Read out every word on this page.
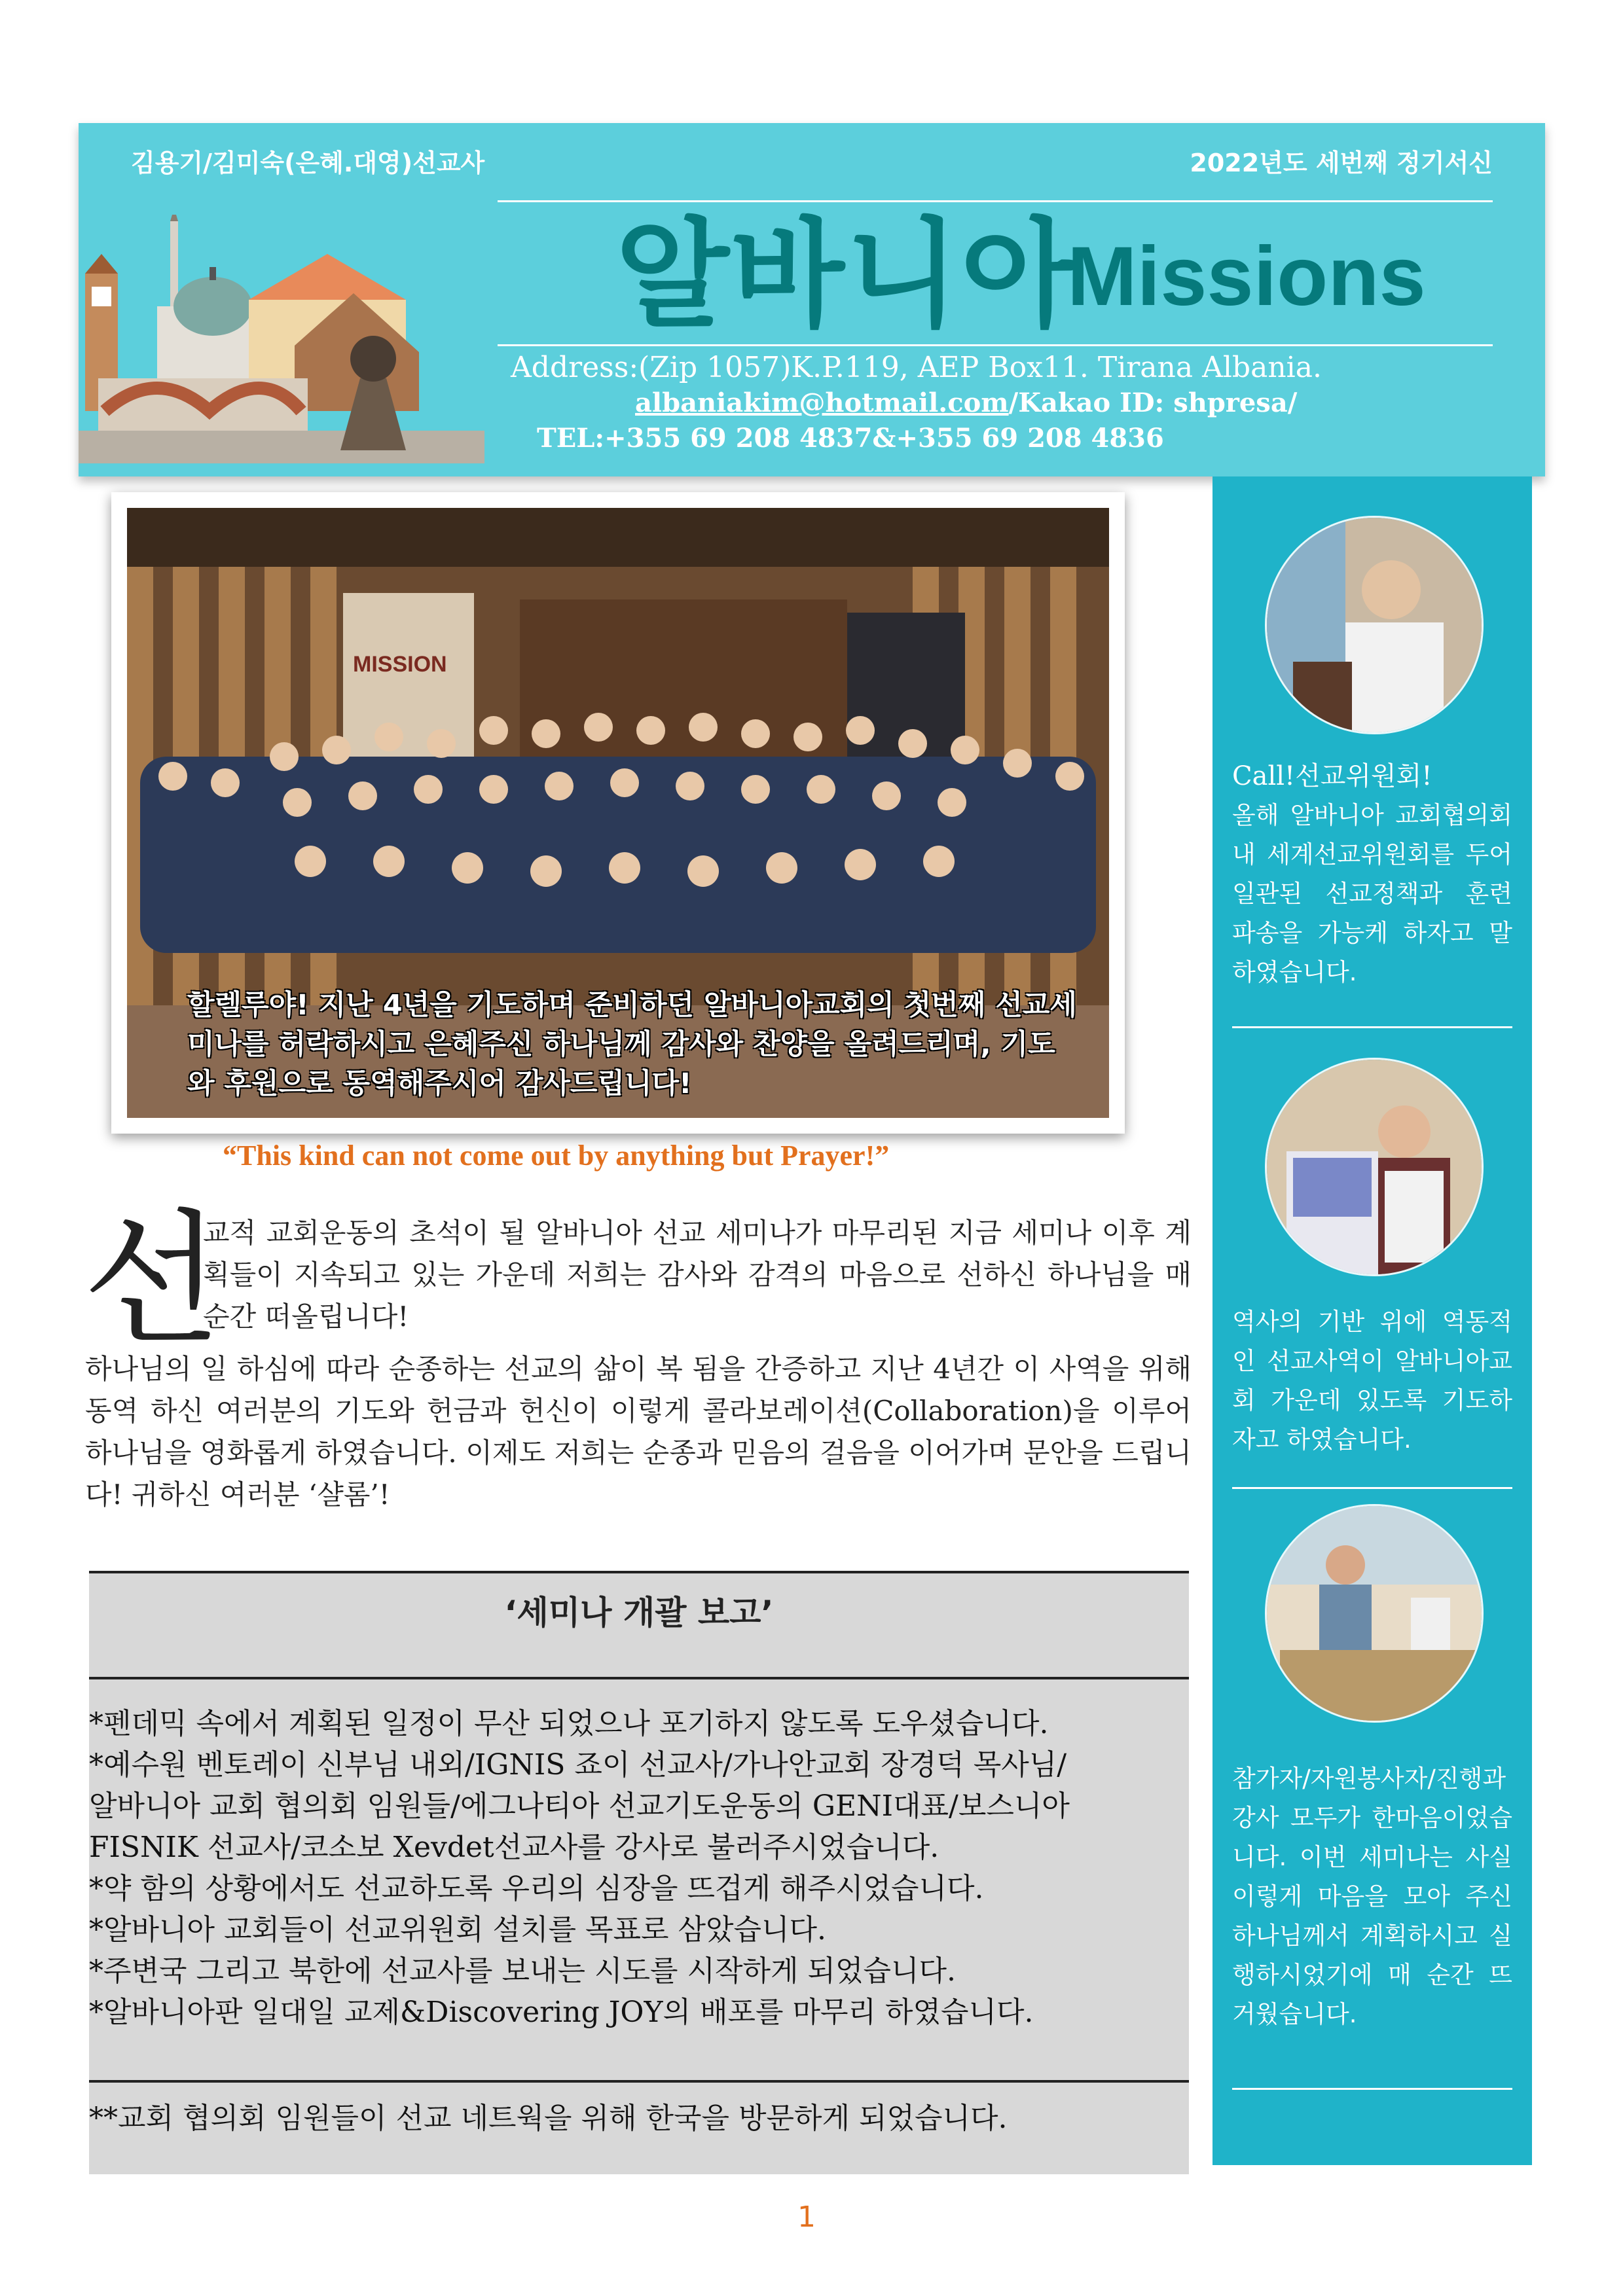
김용기/김미숙(은혜.대영)선교사	2022년도 세번째 정기서신
알바니아
Missions
Address:(Zip 1057)K.P.119, AEP Box11. Tirana Albania.
albaniakim@hotmail.com/Kakao ID: shpresa/
TEL:+355 69 208 4837&+355 69 208 4836
MISSION
할렐루야! 지난 4년을 기도하며 준비하던 알바니아교회의 첫번째 선교세미나를 허락하시고 은혜주신 하나님께 감사와 찬양을 올려드리며, 기도와 후원으로 동역해주시어 감사드립니다!
“This kind can not come out by anything but Prayer!”
선
교적 교회운동의 초석이 될 알바니아 선교 세미나가 마무리된 지금 세미나 이후 계획들이 지속되고 있는 가운데 저희는 감사와 감격의 마음으로 선하신 하나님을 매 순간 떠올립니다!
하나님의 일 하심에 따라 순종하는 선교의 삶이 복 됨을 간증하고 지난 4년간 이 사역을 위해 동역 하신 여러분의 기도와 헌금과 헌신이 이렇게 콜라보레이션(Collaboration)을 이루어 하나님을 영화롭게 하였습니다. 이제도 저희는 순종과 믿음의 걸음을 이어가며 문안을 드립니다! 귀하신 여러분 ‘샬롬’!
‘세미나 개괄 보고’
*펜데믹 속에서 계획된 일정이 무산 되었으나 포기하지 않도록 도우셨습니다.
*예수원 벤토레이 신부님 내외/IGNIS 죠이 선교사/가나안교회 장경덕 목사님/
알바니아 교회 협의회 임원들/에그나티아 선교기도운동의 GENI대표/보스니아
FISNIK 선교사/코소보 Xevdet선교사를 강사로 불러주시었습니다.
*약 함의 상황에서도 선교하도록 우리의 심장을 뜨겁게 해주시었습니다.
*알바니아 교회들이 선교위원회 설치를 목표로 삼았습니다.
*주변국 그리고 북한에 선교사를 보내는 시도를 시작하게 되었습니다.
*알바니아판 일대일 교제&Discovering JOY의 배포를 마무리 하였습니다.
**교회 협의회 임원들이 선교 네트웍을 위해 한국을 방문하게 되었습니다.
Call!선교위원회!
올해 알바니아 교회협의회내 세계선교위원회를 두어 일관된 선교정책과 훈련 파송을 가능케 하자고 말하였습니다.
역사의 기반 위에 역동적인 선교사역이 알바니아교회 가운데 있도록 기도하자고 하였습니다.
참가자/자원봉사자/진행과 강사 모두가 한마음이었습니다. 이번 세미나는 사실 이렇게 마음을 모아 주신 하나님께서 계획하시고 실행하시었기에 매 순간 뜨거웠습니다.
1
